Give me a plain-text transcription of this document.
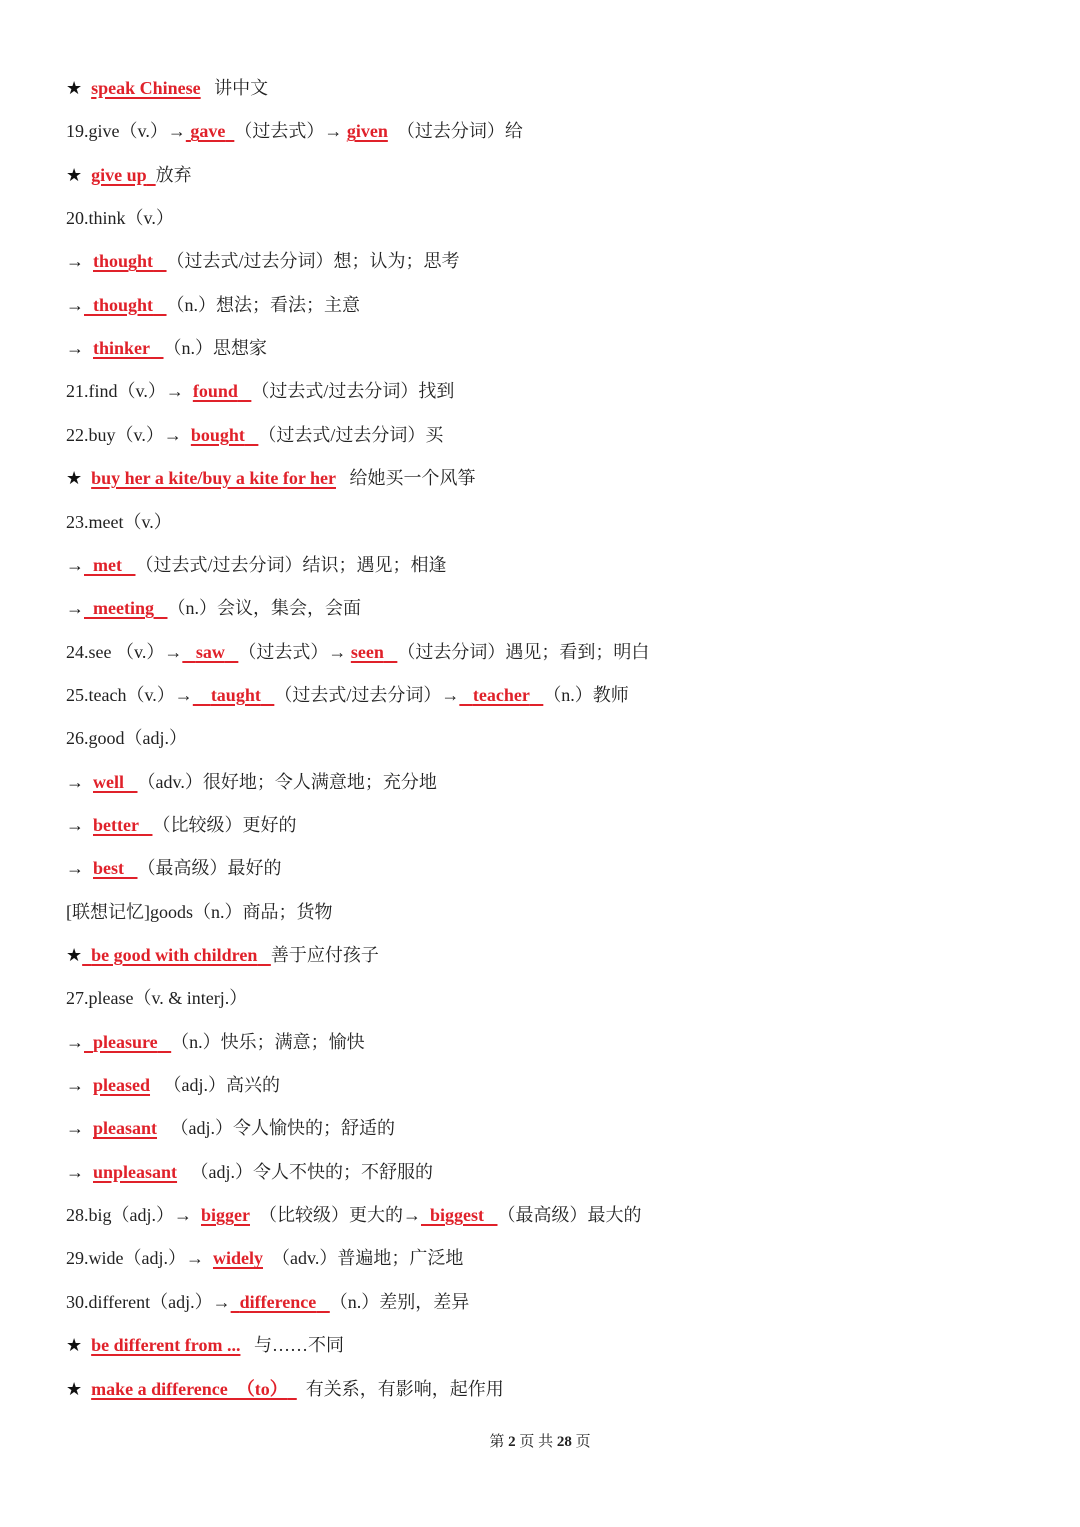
★ speak Chinese   讲中文
19.give（v.）→ gave （过去式）→ given  （过去分词）给
★ give up 放弃
20.think（v.）
→ thought （过去式/过去分词）想；认为；思考
→ thought （n.）想法；看法；主意
→ thinker （n.）思想家
21.find（v.）→  found （过去式/过去分词）找到
22.buy（v.）→  bought （过去式/过去分词）买
★ buy her a kite/buy a kite for her   给她买一个风筝
23.meet（v.）
→ met （过去式/过去分词）结识；遇见；相逢
→ meeting （n.）会议，集会，会面
24.see （v.）→ saw （过去式）→ seen （过去分词）遇见；看到；明白
25.teach（v.）→ taught （过去式/过去分词）→ teacher （n.）教师
26.good（adj.）
→ well （adv.）很好地；令人满意地；充分地
→ better （比较级）更好的
→ best （最高级）最好的
[联想记忆]goods（n.）商品；货物
★ be good with children 善于应付孩子
27.please（v. & interj.）
→ pleasure （n.）快乐；满意；愉快
→ pleased   （adj.）高兴的
→ pleasant   （adj.）令人愉快的；舒适的
→ unpleasant   （adj.）令人不快的；不舒服的
28.big（adj.）→  bigger  （比较级）更大的→ biggest （最高级）最大的
29.wide（adj.）→  widely  （adv.）普遍地；广泛地
30.different（adj.）→ difference （n.）差别，差异
★ be different from ...   与……不同
★ make a difference  （to）    有关系，有影响，起作用
第 2 页 共 28 页
